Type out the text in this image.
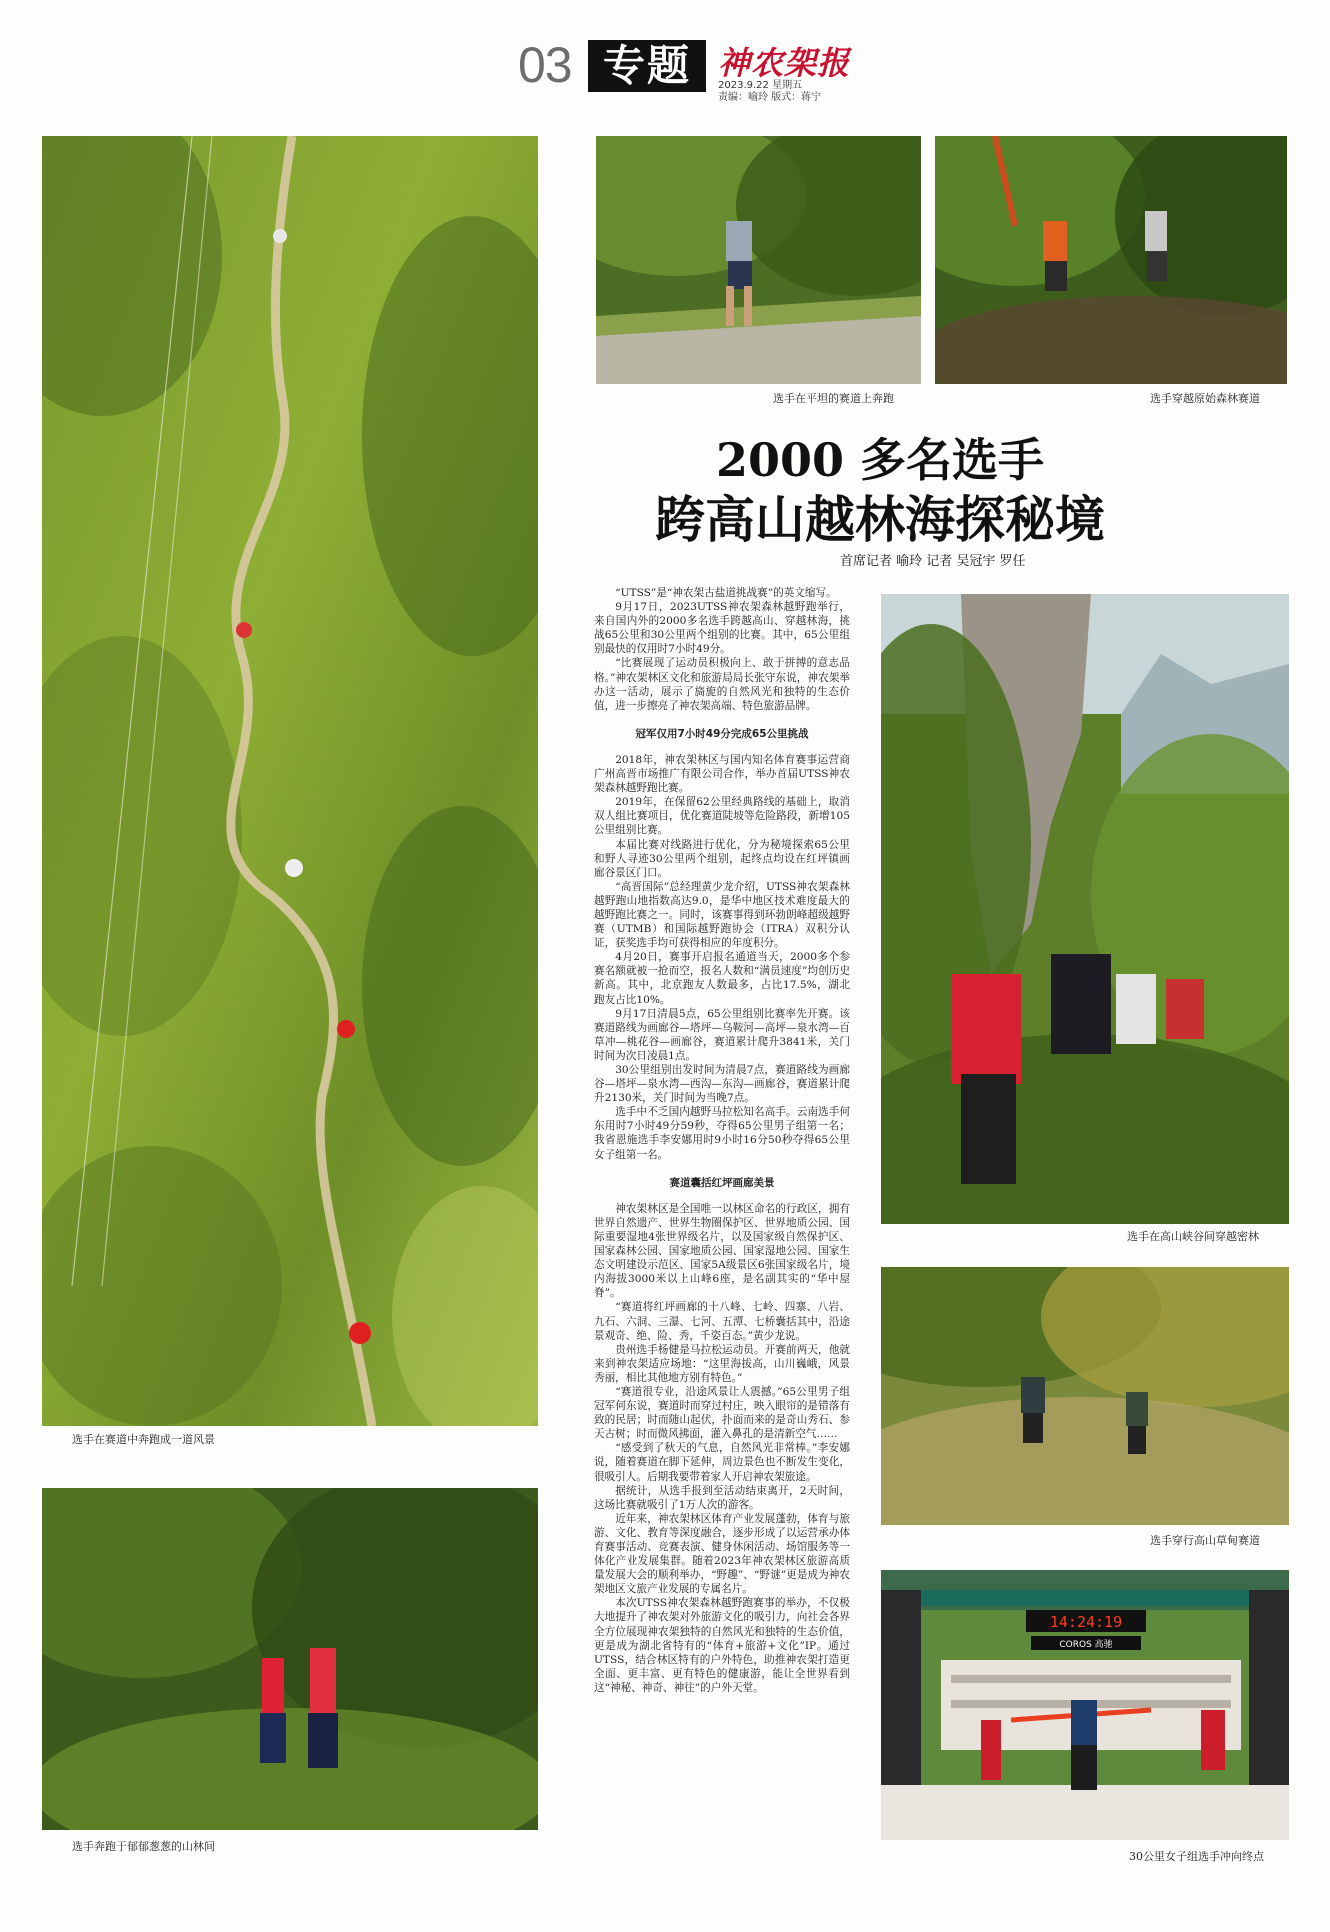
03 专题 神农架报
2023.9.22 星期五
责编：喻玲 版式：蒋宁
选手在赛道中奔跑成一道风景
选手奔跑于郁郁葱葱的山林间
选手在平坦的赛道上奔跑	选手穿越原始森林赛道
2000 多名选手
跨高山越林海探秘境
首席记者 喻玲 记者 吴冠宇 罗任

“UTSS”是“神农架古盐道挑战赛”的英文缩写。

9月17日，2023UTSS神农架森林越野跑举行，来自国内外的2000多名选手跨越高山、穿越林海，挑战65公里和30公里两个组别的比赛。其中，65公里组别最快的仅用时7小时49分。

“比赛展现了运动员积极向上、敢于拼搏的意志品格。”神农架林区文化和旅游局局长张守东说，神农架举办这一活动，展示了旖旎的自然风光和独特的生态价值，进一步擦亮了神农架高端、特色旅游品牌。

冠军仅用7小时49分完成65公里挑战

2018年，神农架林区与国内知名体育赛事运营商广州高晋市场推广有限公司合作，举办首届UTSS神农架森林越野跑比赛。

2019年，在保留62公里经典路线的基础上，取消双人组比赛项目，优化赛道陡坡等危险路段，新增105公里组别比赛。

本届比赛对线路进行优化，分为秘境探索65公里和野人寻迹30公里两个组别，起终点均设在红坪镇画廊谷景区门口。

“高晋国际”总经理黄少龙介绍，UTSS神农架森林越野跑山地指数高达9.0，是华中地区技术难度最大的越野跑比赛之一。同时，该赛事得到环勃朗峰超级越野赛（UTMB）和国际越野跑协会（ITRA）双积分认证，获奖选手均可获得相应的年度积分。

4月20日，赛事开启报名通道当天，2000多个参赛名额就被一抢而空，报名人数和“满员速度”均创历史新高。其中，北京跑友人数最多，占比17.5%，湖北跑友占比10%。

9月17日清晨5点，65公里组别比赛率先开赛。该赛道路线为画廊谷—塔坪—乌鞍河—高坪—泉水湾—百草冲—桃花谷—画廊谷，赛道累计爬升3841米，关门时间为次日凌晨1点。

30公里组别出发时间为清晨7点，赛道路线为画廊谷—塔坪—泉水湾—西沟—东沟—画廊谷，赛道累计爬升2130米，关门时间为当晚7点。

选手中不乏国内越野马拉松知名高手。云南选手何东用时7小时49分59秒，夺得65公里男子组第一名；我省恩施选手李安娜用时9小时16分50秒夺得65公里女子组第一名。

赛道囊括红坪画廊美景

神农架林区是全国唯一以林区命名的行政区，拥有世界自然遗产、世界生物圈保护区、世界地质公园、国际重要湿地4张世界级名片，以及国家级自然保护区、国家森林公园、国家地质公园、国家湿地公园、国家生态文明建设示范区、国家5A级景区6张国家级名片，境内海拔3000米以上山峰6座，是名副其实的“华中屋脊”。

“赛道将红坪画廊的十八峰、七岭、四寨、八岩、九石、六洞、三瀑、七河、五潭、七桥囊括其中，沿途景观奇、绝、险、秀，千姿百态。”黄少龙说。

贵州选手杨健是马拉松运动员。开赛前两天，他就来到神农架适应场地：“这里海拔高，山川巍峨，风景秀丽，相比其他地方别有特色。”

“赛道很专业，沿途风景让人震撼。”65公里男子组冠军何东说，赛道时而穿过村庄，映入眼帘的是错落有致的民居；时而随山起伏，扑面而来的是奇山秀石、参天古树；时而微风拂面，灌入鼻孔的是清新空气……

“感受到了秋天的气息，自然风光非常棒。”李安娜说，随着赛道在脚下延伸，周边景色也不断发生变化，很吸引人。后期我要带着家人开启神农架旅途。

据统计，从选手报到至活动结束离开，2天时间，这场比赛就吸引了1万人次的游客。

近年来，神农架林区体育产业发展蓬勃，体育与旅游、文化、教育等深度融合，逐步形成了以运营承办体育赛事活动、竞赛表演、健身休闲活动、场馆服务等一体化产业发展集群。随着2023年神农架林区旅游高质量发展大会的顺利举办，“野趣”、“野谜”更是成为神农架地区文旅产业发展的专属名片。

本次UTSS神农架森林越野跑赛事的举办，不仅极大地提升了神农架对外旅游文化的吸引力，向社会各界全方位展现神农架独特的自然风光和独特的生态价值，更是成为湖北省特有的“体育+旅游+文化”IP。通过UTSS，结合林区特有的户外特色，助推神农架打造更全面、更丰富、更有特色的健康游，能让全世界看到这“神秘、神奇、神往”的户外天堂。

选手在高山峡谷间穿越密林
选手穿行高山草甸赛道
14:24:19
COROS 高驰
30公里女子组选手冲向终点
